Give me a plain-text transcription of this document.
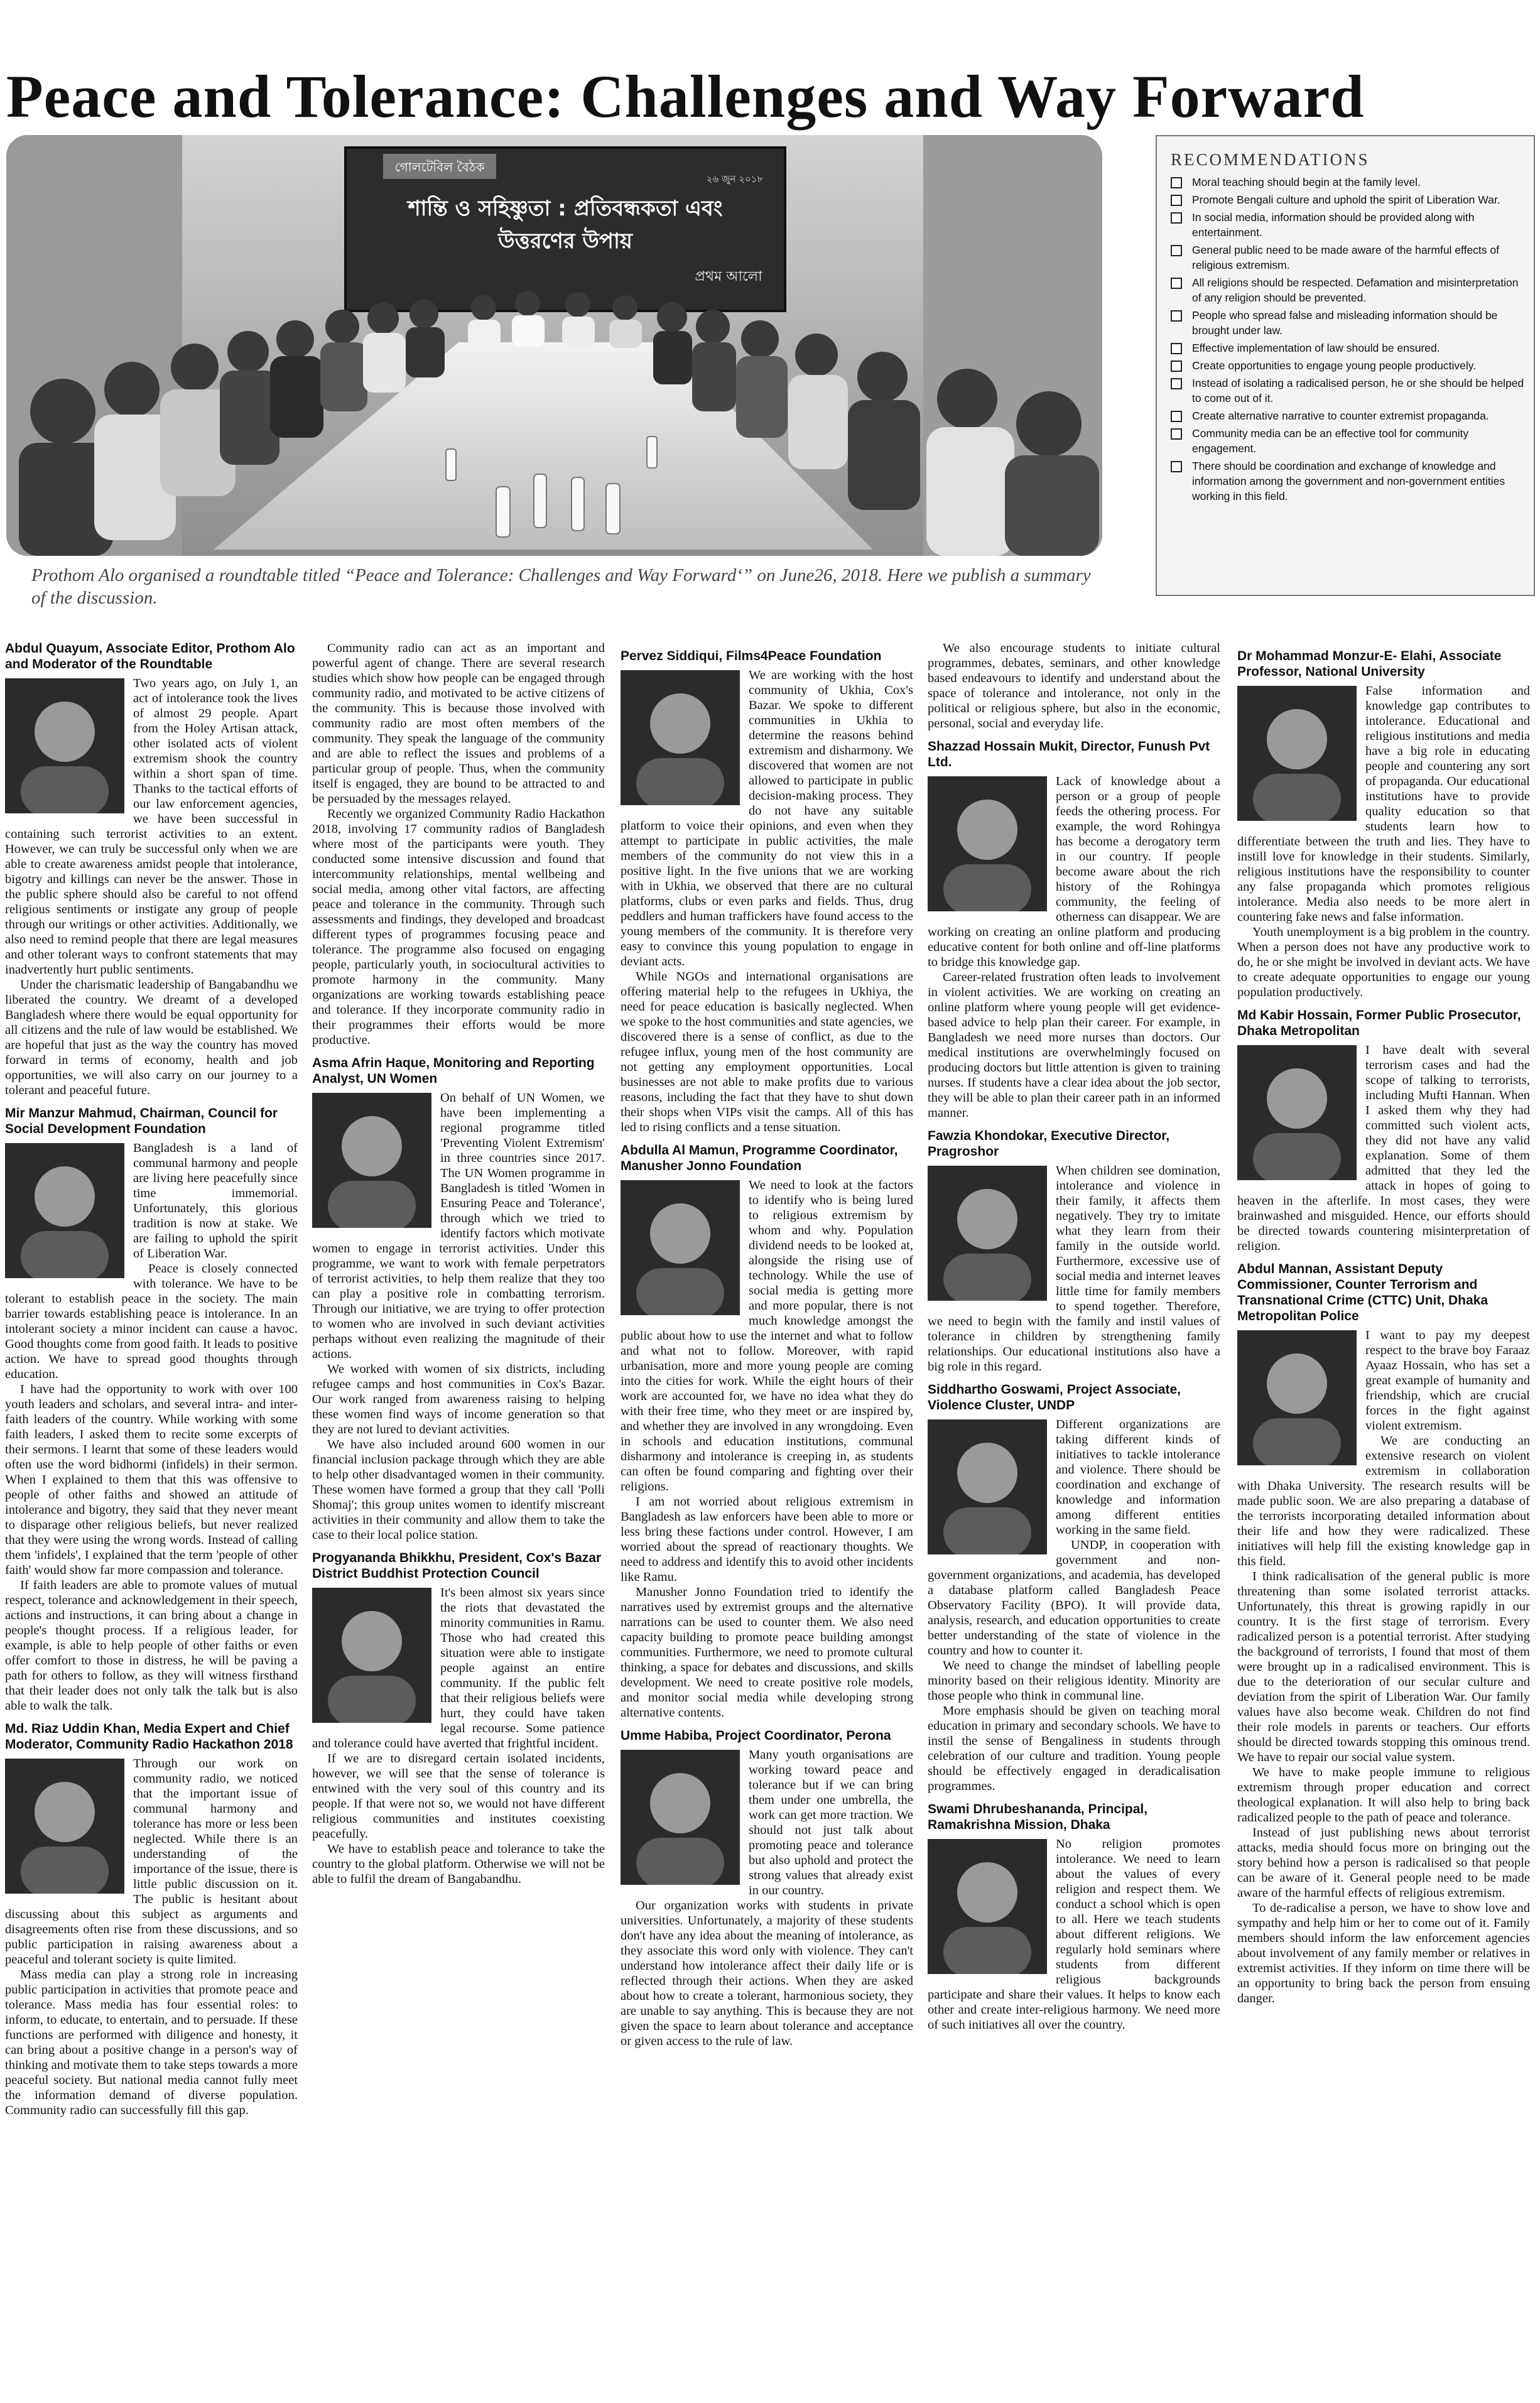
Peace and Tolerance: Challenges and Way Forward
গোলটেবিল বৈঠক
২৬ জুন ২০১৮
শান্তি ও সহিষ্ণুতা : প্রতিবন্ধকতা এবং
উত্তরণের উপায়
প্রথম আলো
RECOMMENDATIONS
Moral teaching should begin at the family level.
Promote Bengali culture and uphold the spirit of Liberation War.
In social media, information should be provided along with entertainment.
General public need to be made aware of the harmful effects of religious extremism.
All religions should be respected. Defamation and misinterpretation of any religion should be prevented.
People who spread false and misleading information should be brought under law.
Effective implementation of law should be ensured.
Create opportunities to engage young people productively.
Instead of isolating a radicalised person, he or she should be helped to come out of it.
Create alternative narrative to counter extremist propaganda.
Community media can be an effective tool for community engagement.
There should be coordination and exchange of knowledge and information among the government and non-government entities working in this field.
Prothom Alo organised a roundtable titled “Peace and Tolerance: Challenges and Way Forward‘” on June26, 2018. Here we publish a summary of the discussion.
Abdul Quayum, Associate Editor, Prothom Alo and Moderator of the Roundtable

Two years ago, on July 1, an act of intolerance took the lives of almost 29 people. Apart from the Holey Artisan attack, other isolated acts of violent extremism shook the country within a short span of time. Thanks to the tactical efforts of our law enforcement agencies, we have been successful in containing such terrorist activities to an extent. However, we can truly be successful only when we are able to create awareness amidst people that intolerance, bigotry and killings can never be the answer. Those in the public sphere should also be careful to not offend religious sentiments or instigate any group of people through our writings or other activities. Additionally, we also need to remind people that there are legal measures and other tolerant ways to confront statements that may inadvertently hurt public sentiments.

Under the charismatic leadership of Bangabandhu we liberated the country. We dreamt of a developed Bangladesh where there would be equal opportunity for all citizens and the rule of law would be established. We are hopeful that just as the way the country has moved forward in terms of economy, health and job opportunities, we will also carry on our journey to a tolerant and peaceful future.

Mir Manzur Mahmud, Chairman, Council for Social Development Foundation

Bangladesh is a land of communal harmony and people are living here peacefully since time immemorial. Unfortunately, this glorious tradition is now at stake. We are failing to uphold the spirit of Liberation War.

Peace is closely connected with tolerance. We have to be tolerant to establish peace in the society. The main barrier towards establishing peace is intolerance. In an intolerant society a minor incident can cause a havoc. Good thoughts come from good faith. It leads to positive action. We have to spread good thoughts through education.

I have had the opportunity to work with over 100 youth leaders and scholars, and several intra- and inter-faith leaders of the country. While working with some faith leaders, I asked them to recite some excerpts of their sermons. I learnt that some of these leaders would often use the word bidhormi (infidels) in their sermon. When I explained to them that this was offensive to people of other faiths and showed an attitude of intolerance and bigotry, they said that they never meant to disparage other religious beliefs, but never realized that they were using the wrong words. Instead of calling them 'infidels', I explained that the term 'people of other faith' would show far more compassion and tolerance.

If faith leaders are able to promote values of mutual respect, tolerance and acknowledgement in their speech, actions and instructions, it can bring about a change in people's thought process. If a religious leader, for example, is able to help people of other faiths or even offer comfort to those in distress, he will be paving a path for others to follow, as they will witness firsthand that their leader does not only talk the talk but is also able to walk the talk.

Md. Riaz Uddin Khan, Media Expert and Chief Moderator, Community Radio Hackathon 2018

Through our work on community radio, we noticed that the important issue of communal harmony and tolerance has more or less been neglected. While there is an understanding of the importance of the issue, there is little public discussion on it. The public is hesitant about discussing about this subject as arguments and disagreements often rise from these discussions, and so public participation in raising awareness about a peaceful and tolerant society is quite limited.

Mass media can play a strong role in increasing public participation in activities that promote peace and tolerance. Mass media has four essential roles: to inform, to educate, to entertain, and to persuade. If these functions are performed with diligence and honesty, it can bring about a positive change in a person's way of thinking and motivate them to take steps towards a more peaceful society. But national media cannot fully meet the information demand of diverse population. Community radio can successfully fill this gap.

Community radio can act as an important and powerful agent of change. There are several research studies which show how people can be engaged through community radio, and motivated to be active citizens of the community. This is because those involved with community radio are most often members of the community. They speak the language of the community and are able to reflect the issues and problems of a particular group of people. Thus, when the community itself is engaged, they are bound to be attracted to and be persuaded by the messages relayed.

Recently we organized Community Radio Hackathon 2018, involving 17 community radios of Bangladesh where most of the participants were youth. They conducted some intensive discussion and found that intercommunity relationships, mental wellbeing and social media, among other vital factors, are affecting peace and tolerance in the community. Through such assessments and findings, they developed and broadcast different types of programmes focusing peace and tolerance. The programme also focused on engaging people, particularly youth, in sociocultural activities to promote harmony in the community. Many organizations are working towards establishing peace and tolerance. If they incorporate community radio in their programmes their efforts would be more productive.

Asma Afrin Haque, Monitoring and Reporting Analyst, UN Women

On behalf of UN Women, we have been implementing a regional programme titled 'Preventing Violent Extremism' in three countries since 2017. The UN Women programme in Bangladesh is titled 'Women in Ensuring Peace and Tolerance', through which we tried to identify factors which motivate women to engage in terrorist activities. Under this programme, we want to work with female perpetrators of terrorist activities, to help them realize that they too can play a positive role in combatting terrorism. Through our initiative, we are trying to offer protection to women who are involved in such deviant activities perhaps without even realizing the magnitude of their actions.

We worked with women of six districts, including refugee camps and host communities in Cox's Bazar. Our work ranged from awareness raising to helping these women find ways of income generation so that they are not lured to deviant activities.

We have also included around 600 women in our financial inclusion package through which they are able to help other disadvantaged women in their community. These women have formed a group that they call 'Polli Shomaj'; this group unites women to identify miscreant activities in their community and allow them to take the case to their local police station.

Progyananda Bhikkhu, President, Cox's Bazar District Buddhist Protection Council

It's been almost six years since the riots that devastated the minority communities in Ramu. Those who had created this situation were able to instigate people against an entire community. If the public felt that their religious beliefs were hurt, they could have taken legal recourse. Some patience and tolerance could have averted that frightful incident.

If we are to disregard certain isolated incidents, however, we will see that the sense of tolerance is entwined with the very soul of this country and its people. If that were not so, we would not have different religious communities and institutes coexisting peacefully.

We have to establish peace and tolerance to take the country to the global platform. Otherwise we will not be able to fulfil the dream of Bangabandhu.

Pervez Siddiqui, Films4Peace Foundation

We are working with the host community of Ukhia, Cox's Bazar. We spoke to different communities in Ukhia to determine the reasons behind extremism and disharmony. We discovered that women are not allowed to participate in public decision-making process. They do not have any suitable platform to voice their opinions, and even when they attempt to participate in public activities, the male members of the community do not view this in a positive light. In the five unions that we are working with in Ukhia, we observed that there are no cultural platforms, clubs or even parks and fields. Thus, drug peddlers and human traffickers have found access to the young members of the community. It is therefore very easy to convince this young population to engage in deviant acts.

While NGOs and international organisations are offering material help to the refugees in Ukhiya, the need for peace education is basically neglected. When we spoke to the host communities and state agencies, we discovered there is a sense of conflict, as due to the refugee influx, young men of the host community are not getting any employment opportunities. Local businesses are not able to make profits due to various reasons, including the fact that they have to shut down their shops when VIPs visit the camps. All of this has led to rising conflicts and a tense situation.

Abdulla Al Mamun, Programme Coordinator, Manusher Jonno Foundation

We need to look at the factors to identify who is being lured to religious extremism by whom and why. Population dividend needs to be looked at, alongside the rising use of technology. While the use of social media is getting more and more popular, there is not much knowledge amongst the public about how to use the internet and what to follow and what not to follow. Moreover, with rapid urbanisation, more and more young people are coming into the cities for work. While the eight hours of their work are accounted for, we have no idea what they do with their free time, who they meet or are inspired by, and whether they are involved in any wrongdoing. Even in schools and education institutions, communal disharmony and intolerance is creeping in, as students can often be found comparing and fighting over their religions.

I am not worried about religious extremism in Bangladesh as law enforcers have been able to more or less bring these factions under control. However, I am worried about the spread of reactionary thoughts. We need to address and identify this to avoid other incidents like Ramu.

Manusher Jonno Foundation tried to identify the narratives used by extremist groups and the alternative narrations can be used to counter them. We also need capacity building to promote peace building amongst communities. Furthermore, we need to promote cultural thinking, a space for debates and discussions, and skills development. We need to create positive role models, and monitor social media while developing strong alternative contents.

Umme Habiba, Project Coordinator, Perona

Many youth organisations are working toward peace and tolerance but if we can bring them under one umbrella, the work can get more traction. We should not just talk about promoting peace and tolerance but also uphold and protect the strong values that already exist in our country.

Our organization works with students in private universities. Unfortunately, a majority of these students don't have any idea about the meaning of intolerance, as they associate this word only with violence. They can't understand how intolerance affect their daily life or is reflected through their actions. When they are asked about how to create a tolerant, harmonious society, they are unable to say anything. This is because they are not given the space to learn about tolerance and acceptance or given access to the rule of law.

We also encourage students to initiate cultural programmes, debates, seminars, and other knowledge based endeavours to identify and understand about the space of tolerance and intolerance, not only in the political or religious sphere, but also in the economic, personal, social and everyday life.

Shazzad Hossain Mukit, Director, Funush Pvt Ltd.

Lack of knowledge about a person or a group of people feeds the othering process. For example, the word Rohingya has become a derogatory term in our country. If people become aware about the rich history of the Rohingya community, the feeling of otherness can disappear. We are working on creating an online platform and producing educative content for both online and off-line platforms to bridge this knowledge gap.

Career-related frustration often leads to involvement in violent activities. We are working on creating an online platform where young people will get evidence-based advice to help plan their career. For example, in Bangladesh we need more nurses than doctors. Our medical institutions are overwhelmingly focused on producing doctors but little attention is given to training nurses. If students have a clear idea about the job sector, they will be able to plan their career path in an informed manner.

Fawzia Khondokar, Executive Director, Pragroshor

When children see domination, intolerance and violence in their family, it affects them negatively. They try to imitate what they learn from their family in the outside world. Furthermore, excessive use of social media and internet leaves little time for family members to spend together. Therefore, we need to begin with the family and instil values of tolerance in children by strengthening family relationships. Our educational institutions also have a big role in this regard.

Siddhartho Goswami, Project Associate, Violence Cluster, UNDP

Different organizations are taking different kinds of initiatives to tackle intolerance and violence. There should be coordination and exchange of knowledge and information among different entities working in the same field.

UNDP, in cooperation with government and non-government organizations, and academia, has developed a database platform called Bangladesh Peace Observatory Facility (BPO). It will provide data, analysis, research, and education opportunities to create better understanding of the state of violence in the country and how to counter it.

We need to change the mindset of labelling people minority based on their religious identity. Minority are those people who think in communal line.

More emphasis should be given on teaching moral education in primary and secondary schools. We have to instil the sense of Bengaliness in students through celebration of our culture and tradition. Young people should be effectively engaged in deradicalisation programmes.

Swami Dhrubeshananda, Principal, Ramakrishna Mission, Dhaka

No religion promotes intolerance. We need to learn about the values of every religion and respect them. We conduct a school which is open to all. Here we teach students about different religions. We regularly hold seminars where students from different religious backgrounds participate and share their values. It helps to know each other and create inter-religious harmony. We need more of such initiatives all over the country.

Dr Mohammad Monzur-E- Elahi, Associate Professor, National University

False information and knowledge gap contributes to intolerance. Educational and religious institutions and media have a big role in educating people and countering any sort of propaganda. Our educational institutions have to provide quality education so that students learn how to differentiate between the truth and lies. They have to instill love for knowledge in their students. Similarly, religious institutions have the responsibility to counter any false propaganda which promotes religious intolerance. Media also needs to be more alert in countering fake news and false information.

Youth unemployment is a big problem in the country. When a person does not have any productive work to do, he or she might be involved in deviant acts. We have to create adequate opportunities to engage our young population productively.

Md Kabir Hossain, Former Public Prosecutor, Dhaka Metropolitan

I have dealt with several terrorism cases and had the scope of talking to terrorists, including Mufti Hannan. When I asked them why they had committed such violent acts, they did not have any valid explanation. Some of them admitted that they led the attack in hopes of going to heaven in the afterlife. In most cases, they were brainwashed and misguided. Hence, our efforts should be directed towards countering misinterpretation of religion.

Abdul Mannan, Assistant Deputy Commissioner, Counter Terrorism and Transnational Crime (CTTC) Unit, Dhaka Metropolitan Police

I want to pay my deepest respect to the brave boy Faraaz Ayaaz Hossain, who has set a great example of humanity and friendship, which are crucial forces in the fight against violent extremism.

We are conducting an extensive research on violent extremism in collaboration with Dhaka University. The research results will be made public soon. We are also preparing a database of the terrorists incorporating detailed information about their life and how they were radicalized. These initiatives will help fill the existing knowledge gap in this field.

I think radicalisation of the general public is more threatening than some isolated terrorist attacks. Unfortunately, this threat is growing rapidly in our country. It is the first stage of terrorism. Every radicalized person is a potential terrorist. After studying the background of terrorists, I found that most of them were brought up in a radicalised environment. This is due to the deterioration of our secular culture and deviation from the spirit of Liberation War. Our family values have also become weak. Children do not find their role models in parents or teachers. Our efforts should be directed towards stopping this ominous trend. We have to repair our social value system.

We have to make people immune to religious extremism through proper education and correct theological explanation. It will also help to bring back radicalized people to the path of peace and tolerance.

Instead of just publishing news about terrorist attacks, media should focus more on bringing out the story behind how a person is radicalised so that people can be aware of it. General people need to be made aware of the harmful effects of religious extremism.

To de-radicalise a person, we have to show love and sympathy and help him or her to come out of it. Family members should inform the law enforcement agencies about involvement of any family member or relatives in extremist activities. If they inform on time there will be an opportunity to bring back the person from ensuing danger.
